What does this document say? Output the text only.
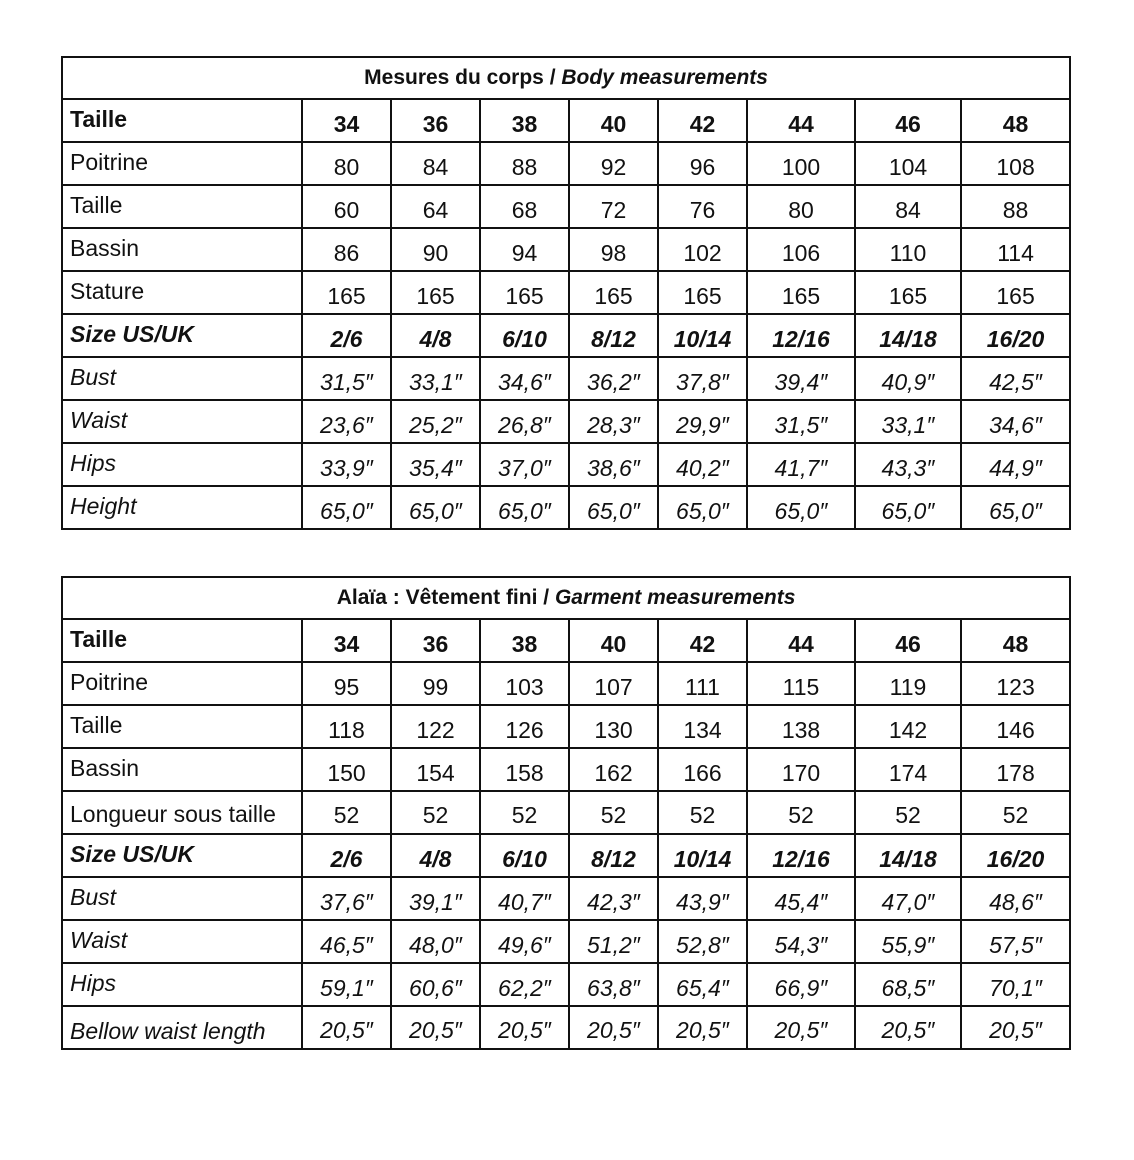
Mesures du corps / Body measurements								
Taille	34	36	38	40	42	44	46	48
Poitrine	80	84	88	92	96	100	104	108
Taille	60	64	68	72	76	80	84	88
Bassin	86	90	94	98	102	106	110	114
Stature	165	165	165	165	165	165	165	165
Size US/UK	2/6	4/8	6/10	8/12	10/14	12/16	14/18	16/20
Bust	31,5″	33,1″	34,6″	36,2″	37,8″	39,4″	40,9″	42,5″
Waist	23,6″	25,2″	26,8″	28,3″	29,9″	31,5″	33,1″	34,6″
Hips	33,9″	35,4″	37,0″	38,6″	40,2″	41,7″	43,3″	44,9″
Height	65,0″	65,0″	65,0″	65,0″	65,0″	65,0″	65,0″	65,0″
Alaïa : Vêtement fini / Garment measurements								
Taille	34	36	38	40	42	44	46	48
Poitrine	95	99	103	107	111	115	119	123
Taille	118	122	126	130	134	138	142	146
Bassin	150	154	158	162	166	170	174	178
Longueur sous taille	52	52	52	52	52	52	52	52
Size US/UK	2/6	4/8	6/10	8/12	10/14	12/16	14/18	16/20
Bust	37,6″	39,1″	40,7″	42,3″	43,9″	45,4″	47,0″	48,6″
Waist	46,5″	48,0″	49,6″	51,2″	52,8″	54,3″	55,9″	57,5″
Hips	59,1″	60,6″	62,2″	63,8″	65,4″	66,9″	68,5″	70,1″
Bellow waist length	20,5″	20,5″	20,5″	20,5″	20,5″	20,5″	20,5″	20,5″
